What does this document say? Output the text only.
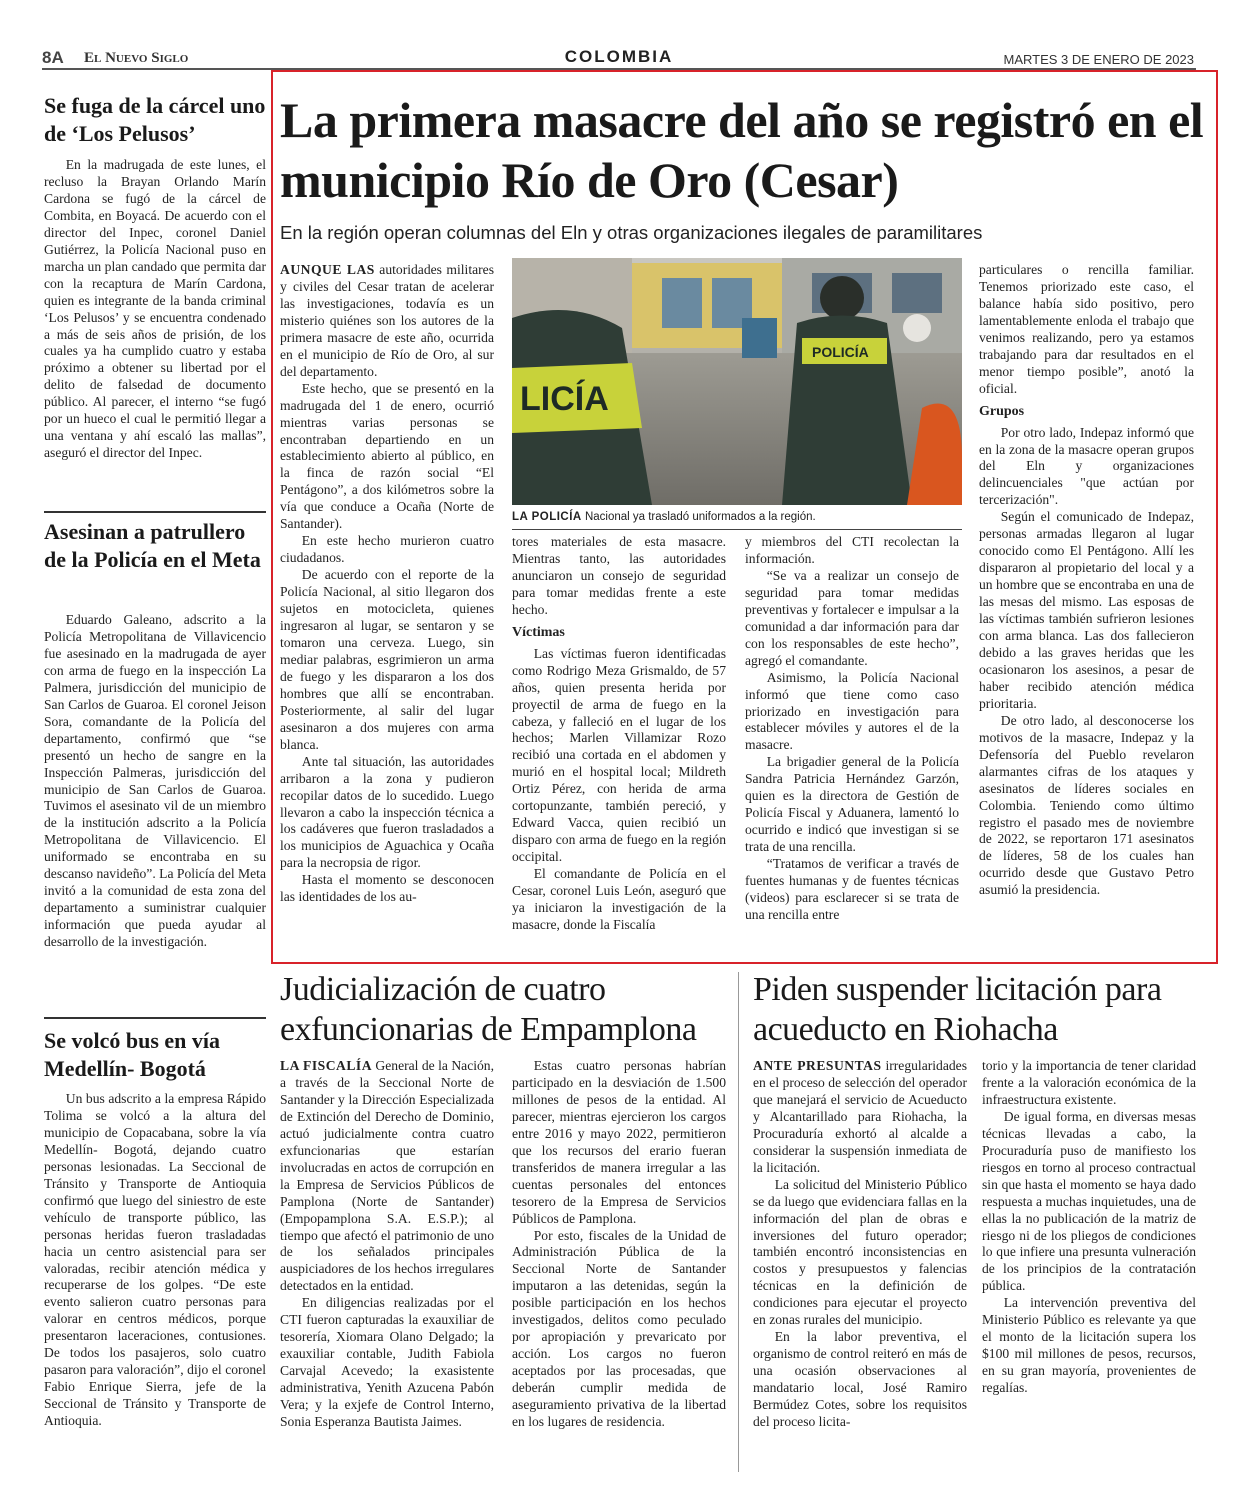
8A El Nuevo Siglo	COLOMBIA	MARTES 3 DE ENERO DE 2023
Se fuga de la cárcel uno de ‘Los Pelusos’

En la madrugada de este lunes, el recluso la Brayan Orlando Marín Cardona se fugó de la cárcel de Combita, en Boyacá. De acuerdo con el director del Inpec, coronel Daniel Gutiérrez, la Policía Nacional puso en marcha un plan candado que permita dar con la recaptura de Marín Cardona, quien es integrante de la banda criminal ‘Los Pelusos’ y se encuentra condenado a más de seis años de prisión, de los cuales ya ha cumplido cuatro y estaba próximo a obtener su libertad por el delito de falsedad de documento público. Al parecer, el interno “se fugó por un hueco el cual le permitió llegar a una ventana y ahí escaló las mallas”, aseguró el director del Inpec.

Asesinan a patrullero de la Policía en el Meta

Eduardo Galeano, adscrito a la Policía Metropolitana de Villavicencio fue asesinado en la madrugada de ayer con arma de fuego en la inspección La Palmera, jurisdicción del municipio de San Carlos de Guaroa. El coronel Jeison Sora, comandante de la Policía del departamento, confirmó que “se presentó un hecho de sangre en la Inspección Palmeras, jurisdicción del municipio de San Carlos de Guaroa. Tuvimos el asesinato vil de un miembro de la institución adscrito a la Policía Metropolitana de Villavicencio. El uniformado se encontraba en su descanso navideño”. La Policía del Meta invitó a la comunidad de esta zona del departamento a suministrar cualquier información que pueda ayudar al desarrollo de la investigación.

Se volcó bus en vía Medellín- Bogotá

Un bus adscrito a la empresa Rápido Tolima se volcó a la altura del municipio de Copacabana, sobre la vía Medellín- Bogotá, dejando cuatro personas lesionadas. La Seccional de Tránsito y Transporte de Antioquia confirmó que luego del siniestro de este vehículo de transporte público, las personas heridas fueron trasladadas hacia un centro asistencial para ser valoradas, recibir atención médica y recuperarse de los golpes. “De este evento salieron cuatro personas para valorar en centros médicos, porque presentaron laceraciones, contusiones. De todos los pasajeros, solo cuatro pasaron para valoración”, dijo el coronel Fabio Enrique Sierra, jefe de la Seccional de Tránsito y Transporte de Antioquia.

La primera masacre del año se registró en el municipio Río de Oro (Cesar)
En la región operan columnas del Eln y otras organizaciones ilegales de paramilitares

AUNQUE LAS autoridades militares y civiles del Cesar tratan de acelerar las investigaciones, todavía es un misterio quiénes son los autores de la primera masacre de este año, ocurrida en el municipio de Río de Oro, al sur del departamento.

Este hecho, que se presentó en la madrugada del 1 de enero, ocurrió mientras varias personas se encontraban departiendo en un establecimiento abierto al público, en la finca de razón social “El Pentágono”, a dos kilómetros sobre la vía que conduce a Ocaña (Norte de Santander).

En este hecho murieron cuatro ciudadanos.

De acuerdo con el reporte de la Policía Nacional, al sitio llegaron dos sujetos en motocicleta, quienes ingresaron al lugar, se sentaron y se tomaron una cerveza. Luego, sin mediar palabras, esgrimieron un arma de fuego y les dispararon a los dos hombres que allí se encontraban. Posteriormente, al salir del lugar asesinaron a dos mujeres con arma blanca.

Ante tal situación, las autoridades arribaron a la zona y pudieron recopilar datos de lo sucedido. Luego llevaron a cabo la inspección técnica a los cadáveres que fueron trasladados a los municipios de Aguachica y Ocaña para la necropsia de rigor.

Hasta el momento se desconocen las identidades de los au-

LICÍA
POLICÍA
LA POLICÍA Nacional ya trasladó uniformados a la región.

tores materiales de esta masacre. Mientras tanto, las autoridades anunciaron un consejo de seguridad para tomar medidas frente a este hecho.

Víctimas

Las víctimas fueron identificadas como Rodrigo Meza Grismaldo, de 57 años, quien presenta herida por proyectil de arma de fuego en la cabeza, y falleció en el lugar de los hechos; Marlen Villamizar Rozo recibió una cortada en el abdomen y murió en el hospital local; Mildreth Ortiz Pérez, con herida de arma cortopunzante, también pereció, y Edward Vacca, quien recibió un disparo con arma de fuego en la región occipital.

El comandante de Policía en el Cesar, coronel Luis León, aseguró que ya iniciaron la investigación de la masacre, donde la Fiscalía

y miembros del CTI recolectan la información.

“Se va a realizar un consejo de seguridad para tomar medidas preventivas y fortalecer e impulsar a la comunidad a dar información para dar con los responsables de este hecho”, agregó el comandante.

Asimismo, la Policía Nacional informó que tiene como caso priorizado en investigación para establecer móviles y autores el de la masacre.

La brigadier general de la Policía Sandra Patricia Hernández Garzón, quien es la directora de Gestión de Policía Fiscal y Aduanera, lamentó lo ocurrido e indicó que investigan si se trata de una rencilla.

“Tratamos de verificar a través de fuentes humanas y de fuentes técnicas (videos) para esclarecer si se trata de una rencilla entre

particulares o rencilla familiar. Tenemos priorizado este caso, el balance había sido positivo, pero lamentablemente enloda el trabajo que venimos realizando, pero ya estamos trabajando para dar resultados en el menor tiempo posible”, anotó la oficial.

Grupos

Por otro lado, Indepaz informó que en la zona de la masacre operan grupos del Eln y organizaciones delincuenciales "que actúan por tercerización".

Según el comunicado de Indepaz, personas armadas llegaron al lugar conocido como El Pentágono. Allí les dispararon al propietario del local y a un hombre que se encontraba en una de las mesas del mismo. Las esposas de las víctimas también sufrieron lesiones con arma blanca. Las dos fallecieron debido a las graves heridas que les ocasionaron los asesinos, a pesar de haber recibido atención médica prioritaria.

De otro lado, al desconocerse los motivos de la masacre, Indepaz y la Defensoría del Pueblo revelaron alarmantes cifras de los ataques y asesinatos de líderes sociales en Colombia. Teniendo como último registro el pasado mes de noviembre de 2022, se reportaron 171 asesinatos de líderes, 58 de los cuales han ocurrido desde que Gustavo Petro asumió la presidencia.

Judicialización de cuatro exfuncionarias de Empamplona

LA FISCALÍA General de la Nación, a través de la Seccional Norte de Santander y la Dirección Especializada de Extinción del Derecho de Dominio, actuó judicialmente contra cuatro exfuncionarias que estarían involucradas en actos de corrupción en la Empresa de Servicios Públicos de Pamplona (Norte de Santander) (Empopamplona S.A. E.S.P.); al tiempo que afectó el patrimonio de uno de los señalados principales auspiciadores de los hechos irregulares detectados en la entidad.

En diligencias realizadas por el CTI fueron capturadas la exauxiliar de tesorería, Xiomara Olano Delgado; la exauxiliar contable, Judith Fabiola Carvajal Acevedo; la exasistente administrativa, Yenith Azucena Pabón Vera; y la exjefe de Control Interno, Sonia Esperanza Bautista Jaimes.

Estas cuatro personas habrían participado en la desviación de 1.500 millones de pesos de la entidad. Al parecer, mientras ejercieron los cargos entre 2016 y mayo 2022, permitieron que los recursos del erario fueran transferidos de manera irregular a las cuentas personales del entonces tesorero de la Empresa de Servicios Públicos de Pamplona.

Por esto, fiscales de la Unidad de Administración Pública de la Seccional Norte de Santander imputaron a las detenidas, según la posible participación en los hechos investigados, delitos como peculado por apropiación y prevaricato por acción. Los cargos no fueron aceptados por las procesadas, que deberán cumplir medida de aseguramiento privativa de la libertad en los lugares de residencia.

Piden suspender licitación para acueducto en Riohacha

ANTE PRESUNTAS irregularidades en el proceso de selección del operador que manejará el servicio de Acueducto y Alcantarillado para Riohacha, la Procuraduría exhortó al alcalde a considerar la suspensión inmediata de la licitación.

La solicitud del Ministerio Público se da luego que evidenciara fallas en la información del plan de obras e inversiones del futuro operador; también encontró inconsistencias en costos y presupuestos y falencias técnicas en la definición de condiciones para ejecutar el proyecto en zonas rurales del municipio.

En la labor preventiva, el organismo de control reiteró en más de una ocasión observaciones al mandatario local, José Ramiro Bermúdez Cotes, sobre los requisitos del proceso licita-

torio y la importancia de tener claridad frente a la valoración económica de la infraestructura existente.

De igual forma, en diversas mesas técnicas llevadas a cabo, la Procuraduría puso de manifiesto los riesgos en torno al proceso contractual sin que hasta el momento se haya dado respuesta a muchas inquietudes, una de ellas la no publicación de la matriz de riesgo ni de los pliegos de condiciones lo que infiere una presunta vulneración de los principios de la contratación pública.

La intervención preventiva del Ministerio Público es relevante ya que el monto de la licitación supera los $100 mil millones de pesos, recursos, en su gran mayoría, provenientes de regalías.
